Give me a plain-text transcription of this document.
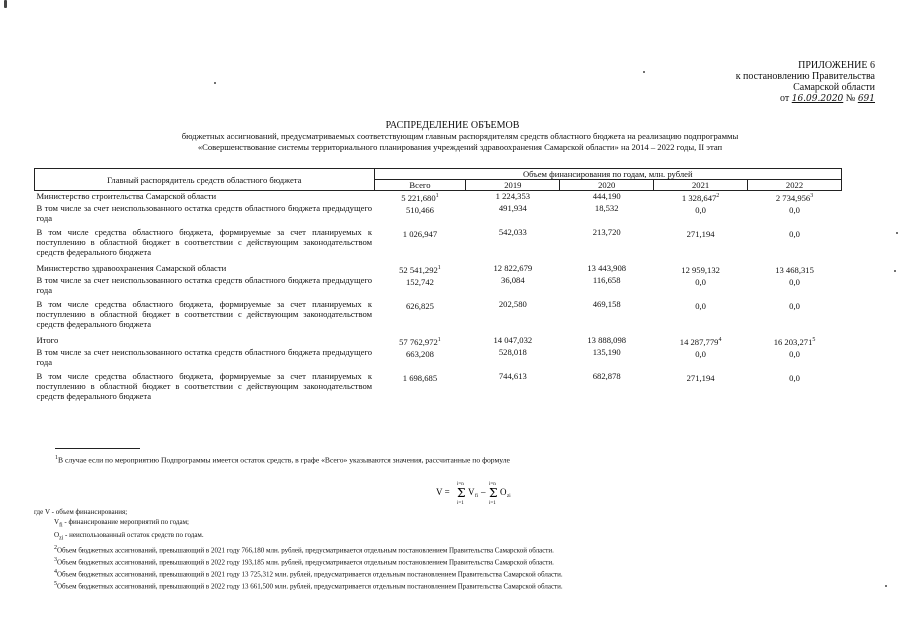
ПРИЛОЖЕНИЕ 6
к постановлению Правительства
Самарской области
от 16.09.2020 № 691
РАСПРЕДЕЛЕНИЕ ОБЪЕМОВ
бюджетных ассигнований, предусматриваемых соответствующим главным распорядителям средств областного бюджета на реализацию подпрограммы
«Совершенствование системы территориального планирования учреждений здравоохранения Самарской области» на 2014 – 2022 годы, II этап
Главный распорядитель средств областного бюджета	Объем финансирования по годам, млн. рублей				
	Всего	2019	2020	2021	2022
Министерство строительства Самарской области	5 221,680$^1$	1 224,353	444,190	1 328,647$^2$	2 734,956$^3$
В том числе за счет неиспользованного остатка средств областного бюджета предыдущего года	510,466	491,934	18,532	0,0	0,0
В том числе средства областного бюджета, формируемые за счет планируемых к поступлению в областной бюджет в соответствии с действующим законодательством средств федерального бюджета	1 026,947	542,033	213,720	271,194	0,0
Министерство здравоохранения Самарской области	52 541,292$^1$	12 822,679	13 443,908	12 959,132	13 468,315
В том числе за счет неиспользованного остатка средств областного бюджета предыдущего года	152,742	36,084	116,658	0,0	0,0
В том числе средства областного бюджета, формируемые за счет планируемых к поступлению в областной бюджет в соответствии с действующим законодательством средств федерального бюджета	626,825	202,580	469,158	0,0	0,0
Итого	57 762,972$^1$	14 047,032	13 888,098	14 287,779$^4$	16 203,271$^5$
В том числе за счет неиспользованного остатка средств областного бюджета предыдущего года	663,208	528,018	135,190	0,0	0,0
В том числе средства областного бюджета, формируемые за счет планируемых к поступлению в областной бюджет в соответствии с действующим законодательством средств федерального бюджета	1 698,685	744,613	682,878	271,194	0,0
$^1$В случае если по мероприятию Подпрограммы имеется остаток средств, в графе «Всего» указываются значения, рассчитанные по формуле
V =
i=n
Σ
i=1
V fi –
i=n
Σ
i=1
O zi
где V - объем финансирования;
$V_{fi}$ - финансирование мероприятий по годам;
$O_{zi}$ - неиспользованный остаток средств по годам.
$^2$Объем бюджетных ассигнований, превышающий в 2021 году 766,180 млн. рублей, предусматривается отдельным постановлением Правительства Самарской области.
$^3$Объем бюджетных ассигнований, превышающий в 2022 году 193,185 млн. рублей, предусматривается отдельным постановлением Правительства Самарской области.
$^4$Объем бюджетных ассигнований, превышающий в 2021 году 13 725,312 млн. рублей, предусматривается отдельным постановлением Правительства Самарской области.
$^5$Объем бюджетных ассигнований, превышающий в 2022 году 13 661,500 млн. рублей, предусматривается отдельным постановлением Правительства Самарской области.
